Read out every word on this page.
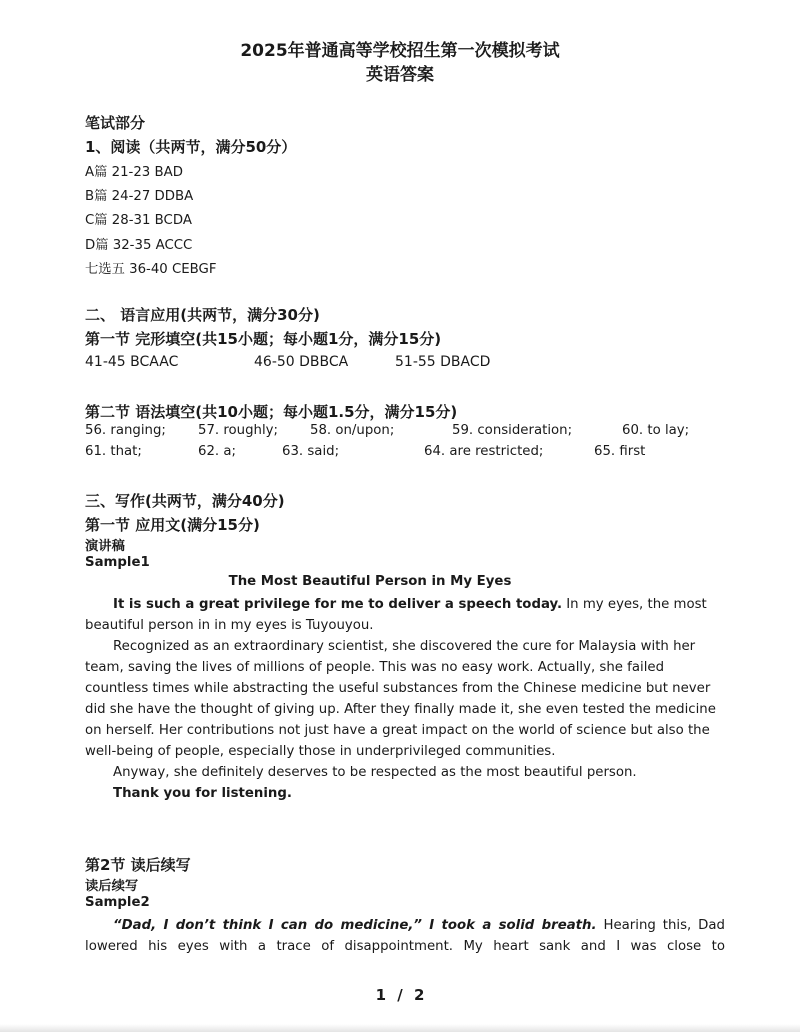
2025年普通高等学校招生第一次模拟考试
英语答案
笔试部分
1、阅读（共两节，满分50分）
A篇 21-23 BAD
B篇 24-27 DDBA
C篇 28-31 BCDA
D篇 32-35 ACCC
七选五 36-40 CEBGF
二、 语言应用(共两节，满分30分)
第一节 完形填空(共15小题；每小题1分，满分15分)
41-45 BCAAC	46-50 DBBCA	51-55 DBACD
第二节 语法填空(共10小题；每小题1.5分，满分15分)
56. ranging; 57. roughly; 58. on/upon;	59. consideration;	60. to lay;
61. that;	62. a;	63. said;	64. are restricted;	65. first
三、写作(共两节，满分40分)
第一节 应用文(满分15分)
演讲稿
Sample1
The Most Beautiful Person in My Eyes

It is such a great privilege for me to deliver a speech today. In my eyes, the most beautiful person in in my eyes is Tuyouyou.

Recognized as an extraordinary scientist, she discovered the cure for Malaysia with her team, saving the lives of millions of people. This was no easy work. Actually, she failed countless times while abstracting the useful substances from the Chinese medicine but never did she have the thought of giving up. After they finally made it, she even tested the medicine on herself. Her contributions not just have a great impact on the world of science but also the well-being of people, especially those in underprivileged communities.

Anyway, she definitely deserves to be respected as the most beautiful person.

Thank you for listening.

第2节 读后续写
读后续写
Sample2

“Dad, I don’t think I can do medicine,” I took a solid breath. Hearing this, Dad

lowered his eyes with a trace of disappointment. My heart sank and I was close to

1 / 2
